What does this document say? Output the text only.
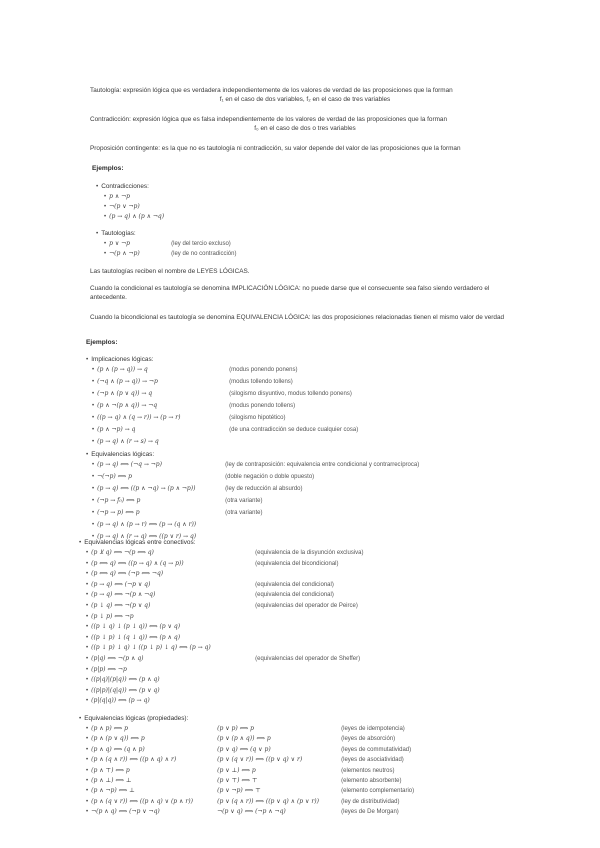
Tautología: expresión lógica que es verdadera independientemente de los valores de verdad de las proposiciones que la forman
f₁ en el caso de dos variables, f₂ en el caso de tres variables
Contradicción: expresión lógica que es falsa independientemente de los valores de verdad de las proposiciones que la forman
f₀ en el caso de dos o tres variables
Proposición contingente: es la que no es tautología ni contradicción, su valor depende del valor de las proposiciones que la forman
Ejemplos:
• Contradicciones:
• p ∧ ¬p
• ¬(p ∨ ¬p)
• (p → q) ∧ (p ∧ ¬q)
• Tautologías:
• p ∨ ¬p	(ley del tercio excluso)
• ¬(p ∧ ¬p)	(ley de no contradicción)
Las tautologías reciben el nombre de LEYES LÓGICAS.
Cuando la condicional es tautología se denomina IMPLICACIÓN LÓGICA: no puede darse que el consecuente sea falso siendo verdadero el antecedente.
Cuando la bicondicional es tautología se denomina EQUIVALENCIA LÓGICA: las dos proposiciones relacionadas tienen el mismo valor de verdad
Ejemplos:
• Implicaciones lógicas:
• (p ∧ (p → q)) → q	(modus ponendo ponens)
• (¬q ∧ (p → q)) → ¬p	(modus tollendo tollens)
• (¬p ∧ (p ∨ q)) → q	(silogismo disyuntivo, modus tollendo ponens)
• (p ∧ ¬(p ∧ q)) → ¬q	(modus ponendo tollens)
• ((p → q) ∧ (q → r)) → (p → r)	(silogismo hipotético)
• (p ∧ ¬p) → q	(de una contradicción se deduce cualquier cosa)
• (p → q) ∧ (r → s) → q
• Equivalencias lógicas:
• (p → q) ⟺ (¬q → ¬p)	(ley de contraposición: equivalencia entre condicional y contrarrecíproca)
• ¬(¬p) ⟺ p	(doble negación o doble opuesto)
• (p → q) ⟺ ((p ∧ ¬q) → (p ∧ ¬p))	(ley de reducción al absurdo)
• (¬p → f₀) ⟺ p	(otra variante)
• (¬p → p) ⟺ p	(otra variante)
• (p → q) ∧ (p → r) ⟺ (p → (q ∧ r))
• (p → q) ∧ (r → q) ⟺ ((p ∨ r) → q)
• Equivalencias lógicas entre conectivos:
• (p ⊻ q) ⟺ ¬(p ⟺ q)	(equivalencia de la disyunción exclusiva)
• (p ⟺ q) ⟺ ((p → q) ∧ (q → p))	(equivalencia del bicondicional)
• (p ⟺ q) ⟺ (¬p ⟺ ¬q)
• (p → q) ⟺ (¬p ∨ q)	(equivalencia del condicional)
• (p → q) ⟺ ¬(p ∧ ¬q)	(equivalencia del condicional)
• (p ↓ q) ⟺ ¬(p ∨ q)	(equivalencias del operador de Peirce)
• (p ↓ p) ⟺ ¬p
• ((p ↓ q) ↓ (p ↓ q)) ⟺ (p ∨ q)
• ((p ↓ p) ↓ (q ↓ q)) ⟺ (p ∧ q)
• ((p ↓ p) ↓ q) ↓ ((p ↓ p) ↓ q) ⟺ (p → q)
• (p|q) ⟺ ¬(p ∧ q)	(equivalencias del operador de Sheffer)
• (p|p) ⟺ ¬p
• ((p|q)|(p|q)) ⟺ (p ∧ q)
• ((p|p)|(q|q)) ⟺ (p ∨ q)
• (p|(q|q)) ⟺ (p → q)
• Equivalencias lógicas (propiedades):
• (p ∧ p) ⟺ p	(p ∨ p) ⟺ p	(leyes de idempotencia)
• (p ∧ (p ∨ q)) ⟺ p	(p ∨ (p ∧ q)) ⟺ p	(leyes de absorción)
• (p ∧ q) ⟺ (q ∧ p)	(p ∨ q) ⟺ (q ∨ p)	(leyes de commutatividad)
• (p ∧ (q ∧ r)) ⟺ ((p ∧ q) ∧ r)	(p ∨ (q ∨ r)) ⟺ ((p ∨ q) ∨ r)	(leyes de asociatividad)
• (p ∧ ⊤) ⟺ p	(p ∨ ⊥) ⟺ p	(elementos neutros)
• (p ∧ ⊥) ⟺ ⊥	(p ∨ ⊤) ⟺ ⊤	(elemento absorbente)
• (p ∧ ¬p) ⟺ ⊥	(p ∨ ¬p) ⟺ ⊤	(elemento complementario)
• (p ∧ (q ∨ r)) ⟺ ((p ∧ q) ∨ (p ∧ r))	(p ∨ (q ∧ r)) ⟺ ((p ∨ q) ∧ (p ∨ r))	(ley de distributividad)
• ¬(p ∧ q) ⟺ (¬p ∨ ¬q)	¬(p ∨ q) ⟺ (¬p ∧ ¬q)	(leyes de De Morgan)
